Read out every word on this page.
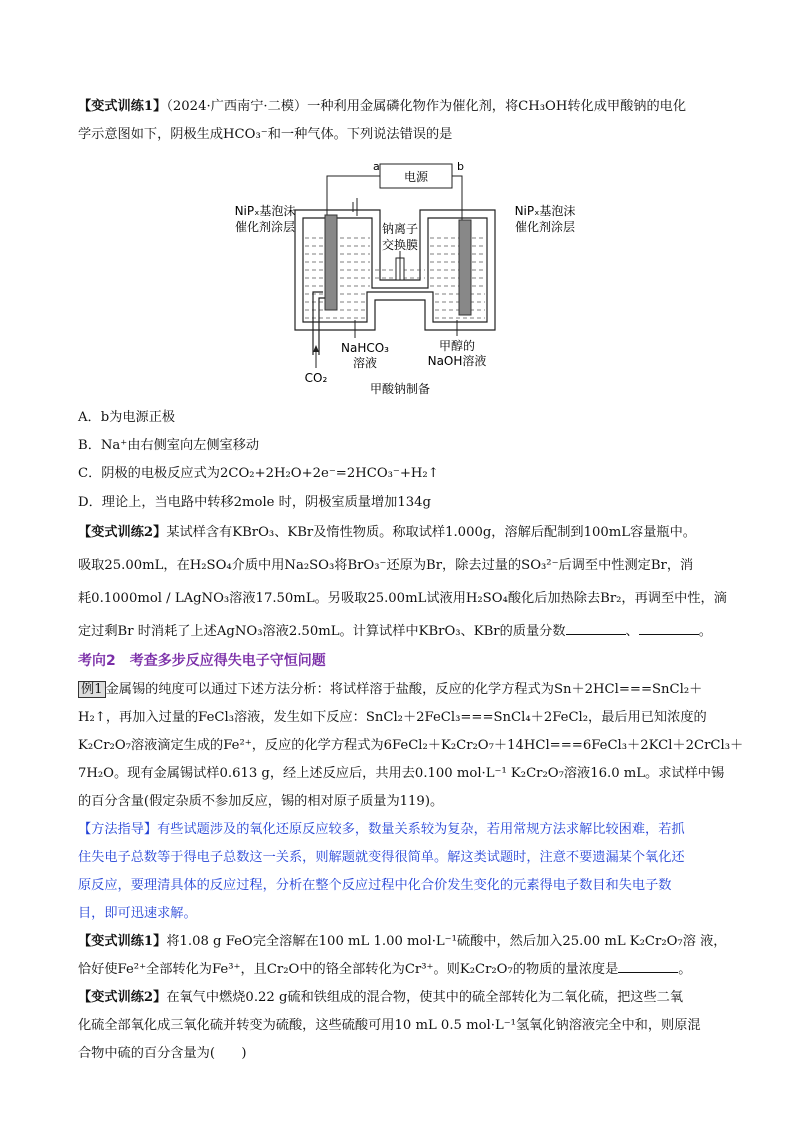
【变式训练1】（2024·广西南宁·二模）一种利用金属磷化物作为催化剂，将CH₃OH转化成甲酸钠的电化
学示意图如下，阴极生成HCO₃⁻和一种气体。下列说法错误的是
电源
a	b
NiPₓ基泡沫
催化剂涂层
NiPₓ基泡沫
催化剂涂层
钠离子
交换膜
NaHCO₃
溶液
甲醇的
NaOH溶液
CO₂
甲酸钠制备
A．b为电源正极
B．Na⁺由右侧室向左侧室移动
C．阴极的电极反应式为2CO₂+2H₂O+2e⁻=2HCO₃⁻+H₂↑
D．理论上，当电路中转移2mole 时，阴极室质量增加134g
【变式训练2】某试样含有KBrO₃、KBr及惰性物质。称取试样1.000g，溶解后配制到100mL容量瓶中。
吸取25.00mL，在H₂SO₄介质中用Na₂SO₃将BrO₃⁻还原为Br，除去过量的SO₃²⁻后调至中性测定Br，消
耗0.1000mol / LAgNO₃溶液17.50mL。另吸取25.00mL试液用H₂SO₄酸化后加热除去Br₂，再调至中性，滴
定过剩Br 时消耗了上述AgNO₃溶液2.50mL。计算试样中KBrO₃、KBr的质量分数	、	。
考向2　考查多步反应得失电子守恒问题
例1 金属锡的纯度可以通过下述方法分析：将试样溶于盐酸，反应的化学方程式为Sn＋2HCl===SnCl₂＋
H₂↑，再加入过量的FeCl₃溶液，发生如下反应：SnCl₂＋2FeCl₃===SnCl₄＋2FeCl₂，最后用已知浓度的
K₂Cr₂O₇溶液滴定生成的Fe²⁺，反应的化学方程式为6FeCl₂＋K₂Cr₂O₇＋14HCl===6FeCl₃＋2KCl＋2CrCl₃＋
7H₂O。现有金属锡试样0.613 g，经上述反应后，共用去0.100 mol·L⁻¹ K₂Cr₂O₇溶液16.0 mL。求试样中锡
的百分含量(假定杂质不参加反应，锡的相对原子质量为119)。
【方法指导】有些试题涉及的氧化还原反应较多，数量关系较为复杂，若用常规方法求解比较困难，若抓
住失电子总数等于得电子总数这一关系，则解题就变得很简单。解这类试题时，注意不要遗漏某个氧化还
原反应，要理清具体的反应过程，分析在整个反应过程中化合价发生变化的元素得电子数目和失电子数
目，即可迅速求解。
【变式训练1】将1.08 g FeO完全溶解在100 mL 1.00 mol·L⁻¹硫酸中，然后加入25.00 mL K₂Cr₂O₇溶 液，
恰好使Fe²⁺全部转化为Fe³⁺，且Cr₂O中的铬全部转化为Cr³⁺。则K₂Cr₂O₇的物质的量浓度是	。
【变式训练2】在氧气中燃烧0.22 g硫和铁组成的混合物，使其中的硫全部转化为二氧化硫，把这些二氧
化硫全部氧化成三氧化硫并转变为硫酸，这些硫酸可用10 mL 0.5 mol·L⁻¹氢氧化钠溶液完全中和，则原混
合物中硫的百分含量为(　　)
